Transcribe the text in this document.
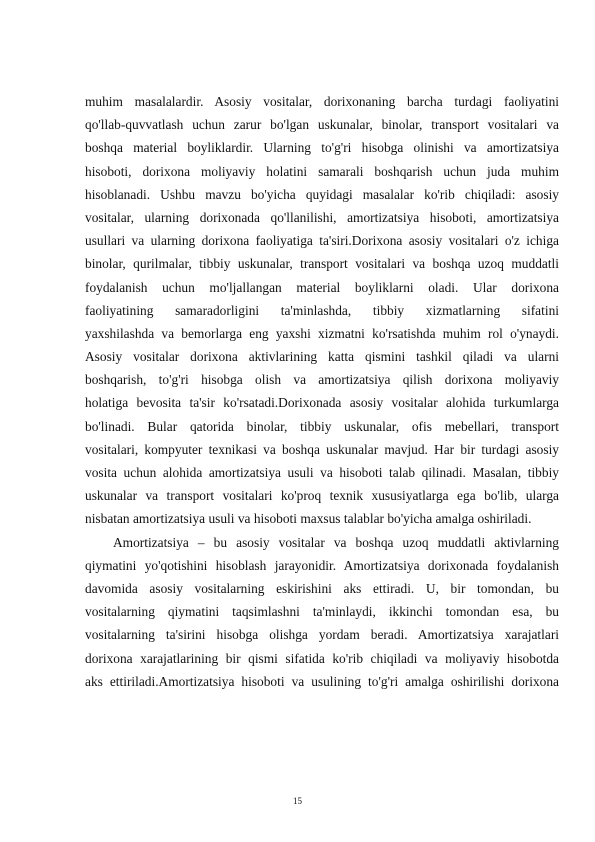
muhim masalalardir. Asosiy vositalar, dorixonaning barcha turdagi faoliyatini
qo'llab-quvvatlash uchun zarur bo'lgan uskunalar, binolar, transport vositalari va
boshqa material boyliklardir. Ularning to'g'ri hisobga olinishi va amortizatsiya
hisoboti, dorixona moliyaviy holatini samarali boshqarish uchun juda muhim
hisoblanadi. Ushbu mavzu bo'yicha quyidagi masalalar ko'rib chiqiladi: asosiy
vositalar, ularning dorixonada qo'llanilishi, amortizatsiya hisoboti, amortizatsiya
usullari va ularning dorixona faoliyatiga ta'siri.Dorixona asosiy vositalari o'z ichiga
binolar, qurilmalar, tibbiy uskunalar, transport vositalari va boshqa uzoq muddatli
foydalanish uchun mo'ljallangan material boyliklarni oladi. Ular dorixona
faoliyatining samaradorligini ta'minlashda, tibbiy xizmatlarning sifatini
yaxshilashda va bemorlarga eng yaxshi xizmatni ko'rsatishda muhim rol o'ynaydi.
Asosiy vositalar dorixona aktivlarining katta qismini tashkil qiladi va ularni
boshqarish, to'g'ri hisobga olish va amortizatsiya qilish dorixona moliyaviy
holatiga bevosita ta'sir ko'rsatadi.Dorixonada asosiy vositalar alohida turkumlarga
bo'linadi. Bular qatorida binolar, tibbiy uskunalar, ofis mebellari, transport
vositalari, kompyuter texnikasi va boshqa uskunalar mavjud. Har bir turdagi asosiy
vosita uchun alohida amortizatsiya usuli va hisoboti talab qilinadi. Masalan, tibbiy
uskunalar va transport vositalari ko'proq texnik xususiyatlarga ega bo'lib, ularga
nisbatan amortizatsiya usuli va hisoboti maxsus talablar bo'yicha amalga oshiriladi.
Amortizatsiya – bu asosiy vositalar va boshqa uzoq muddatli aktivlarning
qiymatini yo'qotishini hisoblash jarayonidir. Amortizatsiya dorixonada foydalanish
davomida asosiy vositalarning eskirishini aks ettiradi. U, bir tomondan, bu
vositalarning qiymatini taqsimlashni ta'minlaydi, ikkinchi tomondan esa, bu
vositalarning ta'sirini hisobga olishga yordam beradi. Amortizatsiya xarajatlari
dorixona xarajatlarining bir qismi sifatida ko'rib chiqiladi va moliyaviy hisobotda
aks ettiriladi.Amortizatsiya hisoboti va usulining to'g'ri amalga oshirilishi dorixona
15
